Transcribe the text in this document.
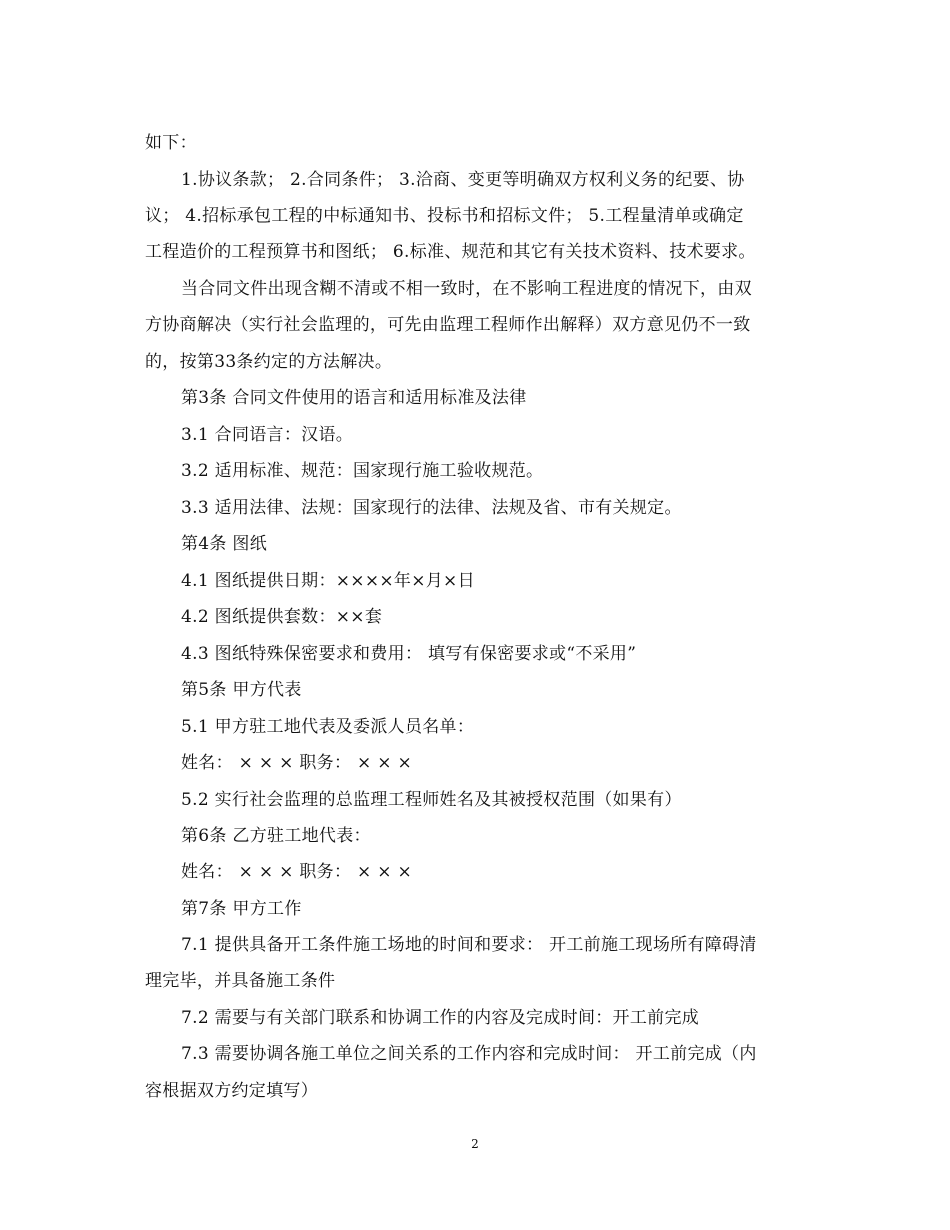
如下：
1.协议条款； 2.合同条件； 3.洽商、变更等明确双方权利义务的纪要、协
议； 4.招标承包工程的中标通知书、投标书和招标文件； 5.工程量清单或确定
工程造价的工程预算书和图纸； 6.标准、规范和其它有关技术资料、技术要求。
当合同文件出现含糊不清或不相一致时，在不影响工程进度的情况下，由双
方协商解决（实行社会监理的，可先由监理工程师作出解释）双方意见仍不一致
的，按第33条约定的方法解决。
第3条 合同文件使用的语言和适用标准及法律
3.1 合同语言：汉语。
3.2 适用标准、规范：国家现行施工验收规范。
3.3 适用法律、法规：国家现行的法律、法规及省、市有关规定。
第4条 图纸
4.1 图纸提供日期：××××年×月×日
4.2 图纸提供套数：××套
4.3 图纸特殊保密要求和费用： 填写有保密要求或“不采用”
第5条 甲方代表
5.1 甲方驻工地代表及委派人员名单：
姓名： × × × 职务： × × ×
5.2 实行社会监理的总监理工程师姓名及其被授权范围（如果有）
第6条 乙方驻工地代表：
姓名： × × × 职务： × × ×
第7条 甲方工作
7.1 提供具备开工条件施工场地的时间和要求： 开工前施工现场所有障碍清
理完毕，并具备施工条件
7.2 需要与有关部门联系和协调工作的内容及完成时间：开工前完成
7.3 需要协调各施工单位之间关系的工作内容和完成时间： 开工前完成（内
容根据双方约定填写）
2
